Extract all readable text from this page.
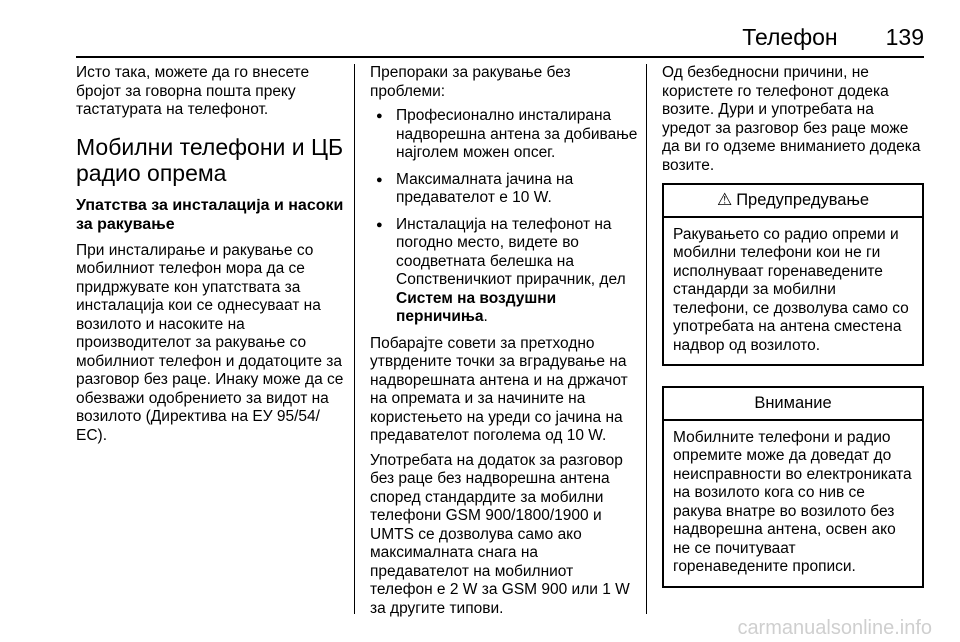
Телефон 139

Исто така, можете да го внесете бројот за говорна пошта преку тастатурата на телефонот.

Мобилни телефони и ЦБ радио опрема
Упатства за инсталација и насоки за ракување

При инсталирање и ракување со мобилниот телефон мора да се придржувате кон упатствата за инсталација кои се однесуваат на возилото и насоките на производителот за ракување со мобилниот телефон и додатоците за разговор без раце. Инаку може да се обезважи одобрението за видот на возилото (Директива на ЕУ 95/54/ЕС).

Препораки за ракување без проблеми:

● Професионално инсталирана надворешна антена за добивање најголем можен опсег.
● Максималната јачина на предавателот е 10 W.
● Инсталација на телефонот на погодно место, видете во соодветната белешка на Сопственичкиот прирачник, дел Систем на воздушни перничиња.

Побарајте совети за претходно утврдените точки за вградување на надворешната антена и на држачот на опремата и за начините на користењето на уреди со јачина на предавателот поголема од 10 W.

Употребата на додаток за разговор без раце без надворешна антена според стандардите за мобилни телефони GSM 900/1800/1900 и UMTS се дозволува само ако максималната снага на предавателот на мобилниот телефон е 2 W за GSM 900 или 1 W за другите типови.

Од безбедносни причини, не користете го телефонот додека возите. Дури и употребата на уредот за разговор без раце може да ви го одземе вниманието додека возите.

⚠ Предупредување
Ракувањето со радио опреми и мобилни телефони кои не ги исполнуваат горенаведените стандарди за мобилни телефони, се дозволува само со употребата на антена сместена надвор од возилото.
Внимание
Мобилните телефони и радио опремите може да доведат до неисправности во електрониката на возилото кога со нив се ракува внатре во возилото без надворешна антена, освен ако не се почитуваат горенаведените прописи.
carmanualsonline.info
